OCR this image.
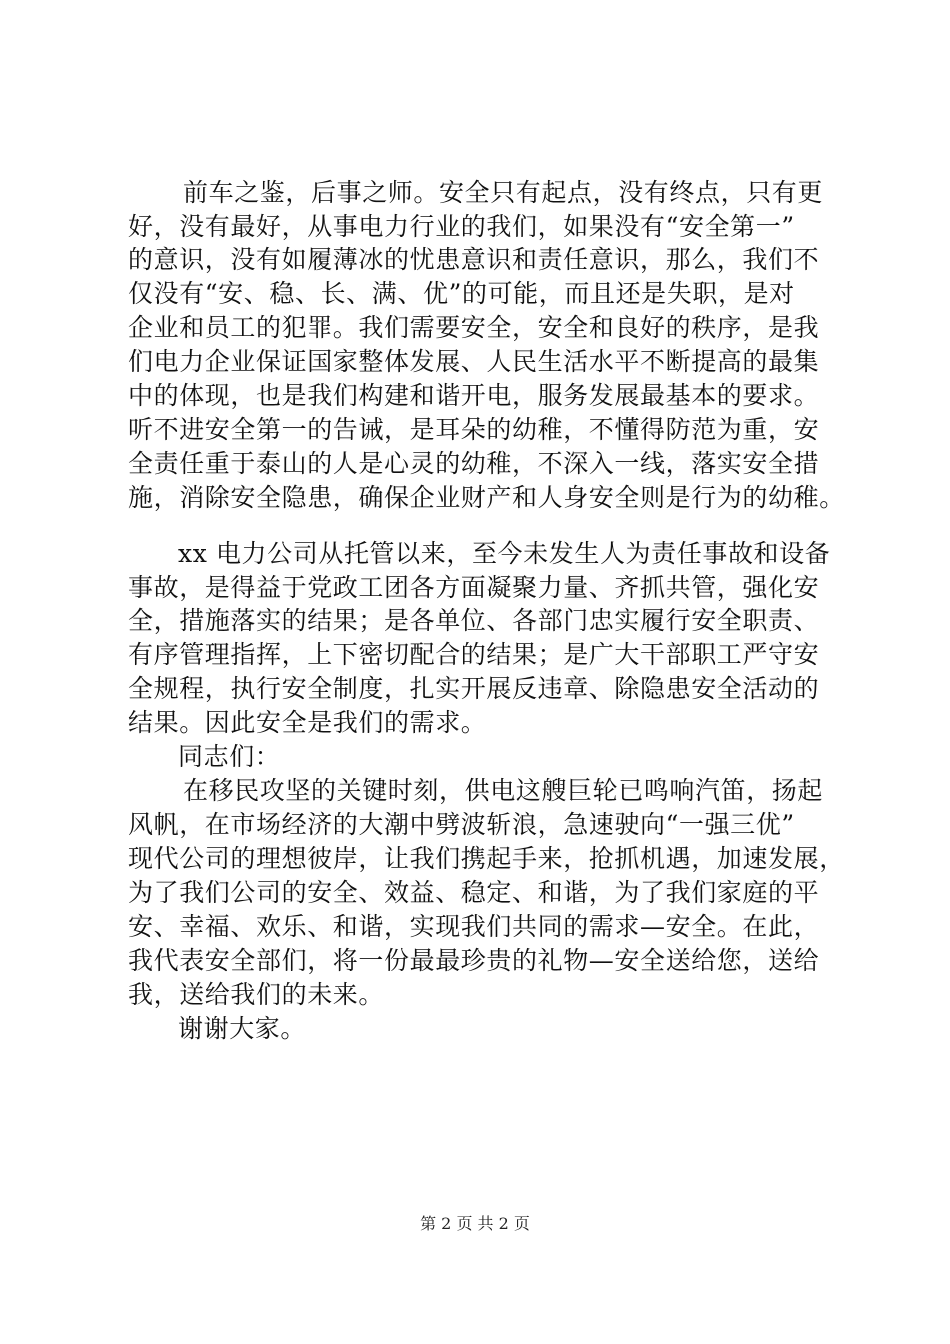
前车之鉴，后事之师。安全只有起点，没有终点，只有更

好，没有最好，从事电力行业的我们，如果没有“安全第一”

的意识，没有如履薄冰的忧患意识和责任意识，那么，我们不

仅没有“安、稳、长、满、优”的可能，而且还是失职，是对

企业和员工的犯罪。我们需要安全，安全和良好的秩序，是我

们电力企业保证国家整体发展、人民生活水平不断提高的最集

中的体现，也是我们构建和谐开电，服务发展最基本的要求。

听不进安全第一的告诫，是耳朵的幼稚，不懂得防范为重，安

全责任重于泰山的人是心灵的幼稚，不深入一线，落实安全措

施，消除安全隐患，确保企业财产和人身安全则是行为的幼稚。

xx 电力公司从托管以来，至今未发生人为责任事故和设备

事故，是得益于党政工团各方面凝聚力量、齐抓共管，强化安

全，措施落实的结果；是各单位、各部门忠实履行安全职责、

有序管理指挥，上下密切配合的结果；是广大干部职工严守安

全规程，执行安全制度，扎实开展反违章、除隐患安全活动的

结果。因此安全是我们的需求。

同志们：

在移民攻坚的关键时刻，供电这艘巨轮已鸣响汽笛，扬起

风帆，在市场经济的大潮中劈波斩浪，急速驶向“一强三优”

现代公司的理想彼岸，让我们携起手来，抢抓机遇，加速发展，

为了我们公司的安全、效益、稳定、和谐，为了我们家庭的平

安、幸福、欢乐、和谐，实现我们共同的需求—安全。在此，

我代表安全部们，将一份最最珍贵的礼物—安全送给您，送给

我，送给我们的未来。

谢谢大家。

第 2 页 共 2 页
